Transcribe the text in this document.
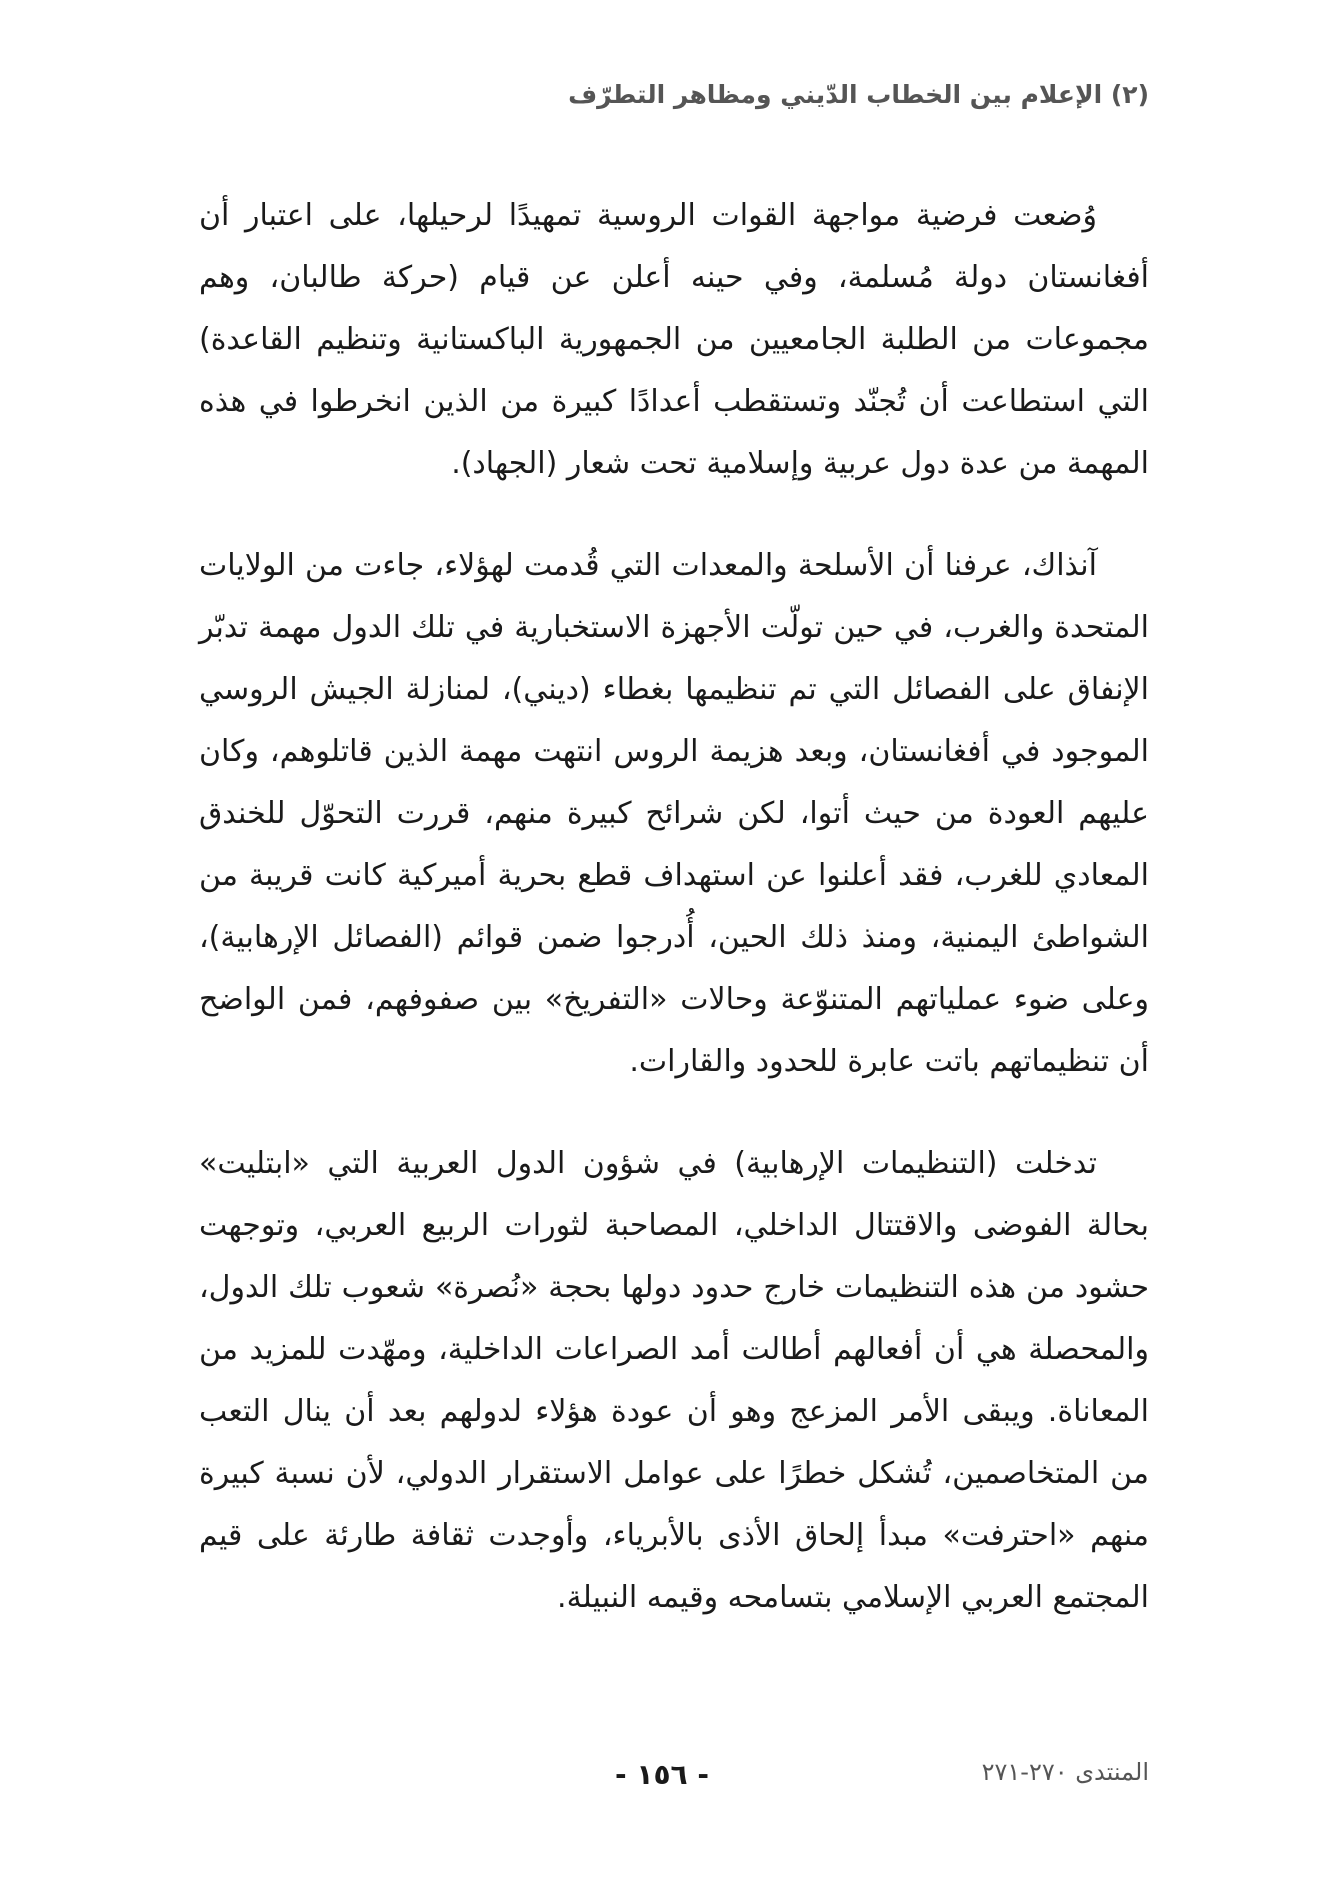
(٢) الإعلام بين الخطاب الدّيني ومظاهر التطرّف

وُضعت فرضية مواجهة القوات الروسية تمهيدًا لرحيلها، على اعتبار أن أفغانستان دولة مُسلمة، وفي حينه أعلن عن قيام (حركة طالبان، وهم مجموعات من الطلبة الجامعيين من الجمهورية الباكستانية وتنظيم القاعدة) التي استطاعت أن تُجنّد وتستقطب أعدادًا كبيرة من الذين انخرطوا في هذه المهمة من عدة دول عربية وإسلامية تحت شعار (الجهاد).

آنذاك، عرفنا أن الأسلحة والمعدات التي قُدمت لهؤلاء، جاءت من الولايات المتحدة والغرب، في حين تولّت الأجهزة الاستخبارية في تلك الدول مهمة تدبّر الإنفاق على الفصائل التي تم تنظيمها بغطاء (ديني)، لمنازلة الجيش الروسي الموجود في أفغانستان، وبعد هزيمة الروس انتهت مهمة الذين قاتلوهم، وكان عليهم العودة من حيث أتوا، لكن شرائح كبيرة منهم، قررت التحوّل للخندق المعادي للغرب، فقد أعلنوا عن استهداف قطع بحرية أميركية كانت قريبة من الشواطئ اليمنية، ومنذ ذلك الحين، أُدرجوا ضمن قوائم (الفصائل الإرهابية)، وعلى ضوء عملياتهم المتنوّعة وحالات «التفريخ» بين صفوفهم، فمن الواضح أن تنظيماتهم باتت عابرة للحدود والقارات.

تدخلت (التنظيمات الإرهابية) في شؤون الدول العربية التي «ابتليت» بحالة الفوضى والاقتتال الداخلي، المصاحبة لثورات الربيع العربي، وتوجهت حشود من هذه التنظيمات خارج حدود دولها بحجة «نُصرة» شعوب تلك الدول، والمحصلة هي أن أفعالهم أطالت أمد الصراعات الداخلية، ومهّدت للمزيد من المعاناة. ويبقى الأمر المزعج وهو أن عودة هؤلاء لدولهم بعد أن ينال التعب من المتخاصمين، تُشكل خطرًا على عوامل الاستقرار الدولي، لأن نسبة كبيرة منهم «احترفت» مبدأ إلحاق الأذى بالأبرياء، وأوجدت ثقافة طارئة على قيم المجتمع العربي الإسلامي بتسامحه وقيمه النبيلة.

المنتدى ٢٧٠-٢٧١
- ١٥٦ -
